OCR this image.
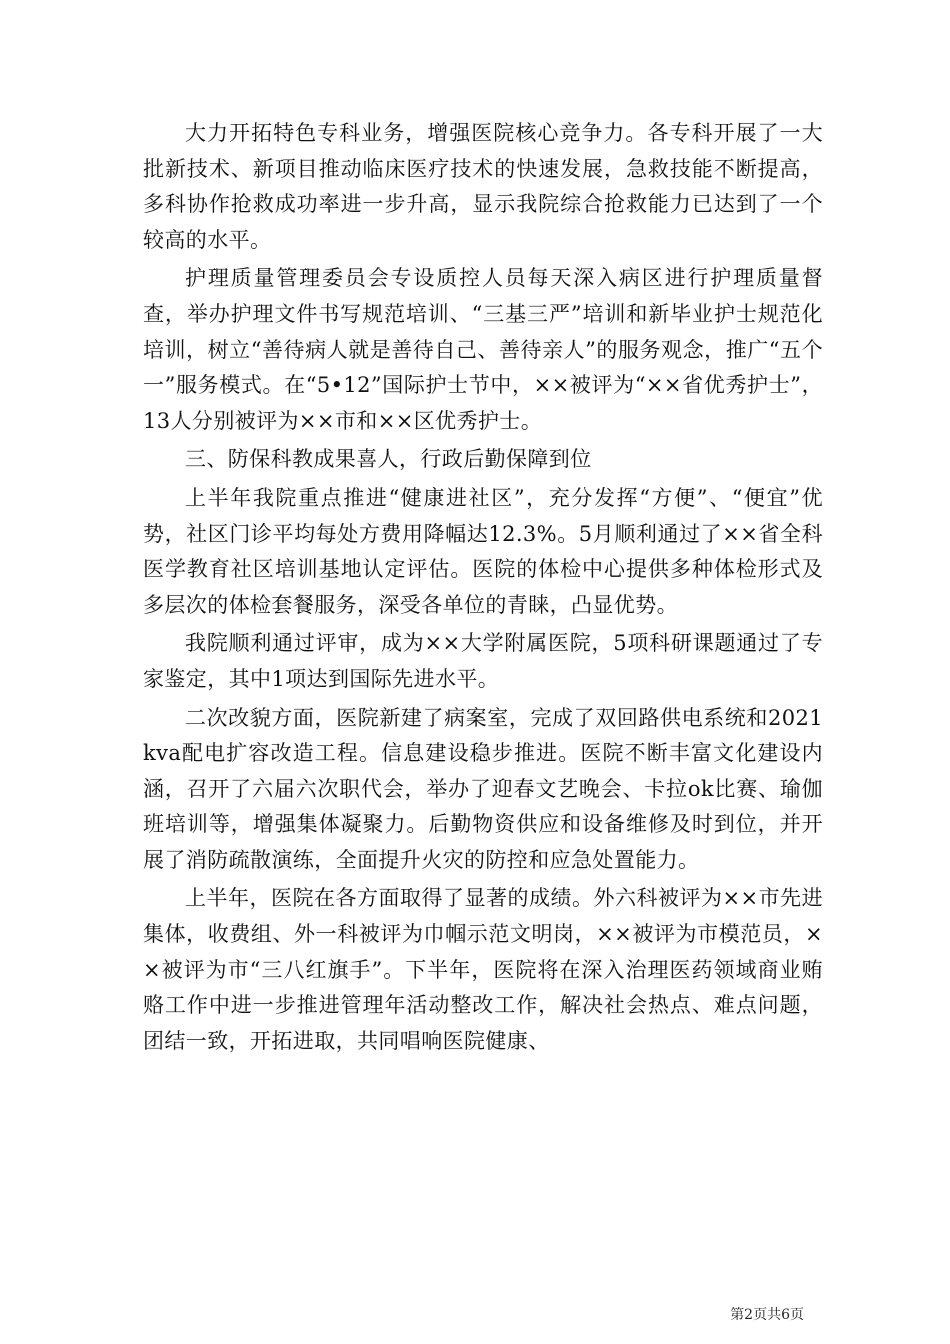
大力开拓特色专科业务，增强医院核心竞争力。各专科开展了一大批新技术、新项目推动临床医疗技术的快速发展，急救技能不断提高，多科协作抢救成功率进一步升高，显示我院综合抢救能力已达到了一个较高的水平。

护理质量管理委员会专设质控人员每天深入病区进行护理质量督查，举办护理文件书写规范培训、“三基三严”培训和新毕业护士规范化培训，树立“善待病人就是善待自己、善待亲人”的服务观念，推广“五个一”服务模式。在“5•12”国际护士节中，××被评为“××省优秀护士”，13人分别被评为××市和××区优秀护士。

三、防保科教成果喜人，行政后勤保障到位

上半年我院重点推进“健康进社区”，充分发挥“方便”、“便宜”优势，社区门诊平均每处方费用降幅达12.3%。5月顺利通过了××省全科医学教育社区培训基地认定评估。医院的体检中心提供多种体检形式及多层次的体检套餐服务，深受各单位的青睐，凸显优势。

我院顺利通过评审，成为××大学附属医院，5项科研课题通过了专家鉴定，其中1项达到国际先进水平。

二次改貌方面，医院新建了病案室，完成了双回路供电系统和2021kva配电扩容改造工程。信息建设稳步推进。医院不断丰富文化建设内涵，召开了六届六次职代会，举办了迎春文艺晚会、卡拉ok比赛、瑜伽班培训等，增强集体凝聚力。后勤物资供应和设备维修及时到位，并开展了消防疏散演练，全面提升火灾的防控和应急处置能力。

上半年，医院在各方面取得了显著的成绩。外六科被评为××市先进集体，收费组、外一科被评为巾帼示范文明岗，××被评为市模范员，××被评为市“三八红旗手”。下半年，医院将在深入治理医药领域商业贿赂工作中进一步推进管理年活动整改工作，解决社会热点、难点问题，团结一致，开拓进取，共同唱响医院健康、

第2页共6页
